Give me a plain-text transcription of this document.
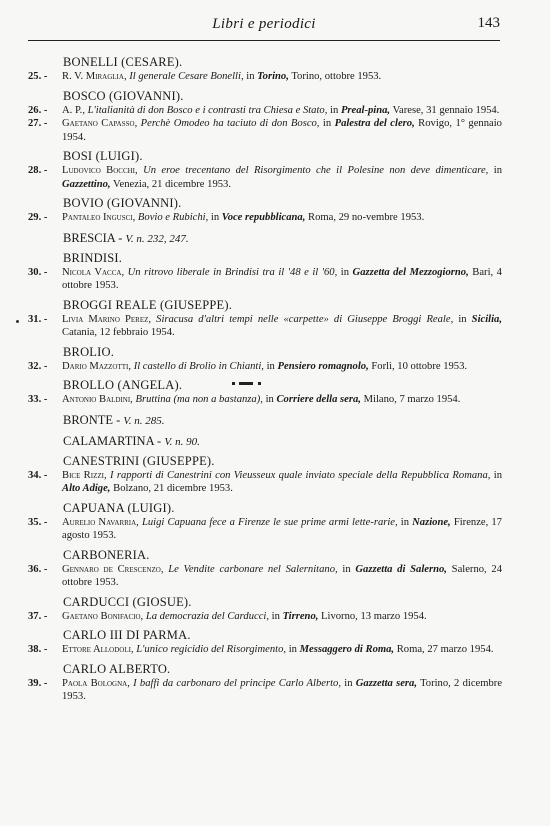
Libri e periodici	143
BONELLI (CESARE).
25. -	R. V. Miraglia, Il generale Cesare Bonelli, in Torino, Torino, ottobre 1953.
BOSCO (GIOVANNI).
26. -	A. P., L'italianità di don Bosco e i contrasti tra Chiesa e Stato, in Preal-pina, Varese, 31 gennaio 1954.
27. -	Gaetano Capasso, Perchè Omodeo ha taciuto di don Bosco, in Palestra del clero, Rovigo, 1° gennaio 1954.
BOSI (LUIGI).
28. -	Ludovico Bocchi, Un eroe trecentano del Risorgimento che il Polesine non deve dimenticare, in Gazzettino, Venezia, 21 dicembre 1953.
BOVIO (GIOVANNI).
29. -	Pantaleo Ingusci, Bovio e Rubichi, in Voce repubblicana, Roma, 29 no-vembre 1953.
BRESCIA - V. n. 232, 247.
BRINDISI.
30. -	Nicola Vacca, Un ritrovo liberale in Brindisi tra il '48 e il '60, in Gazzetta del Mezzogiorno, Bari, 4 ottobre 1953.
BROGGI REALE (GIUSEPPE).
31. -	Livia Marino Perez, Siracusa d'altri tempi nelle «carpette» di Giuseppe Broggi Reale, in Sicilia, Catania, 12 febbraio 1954.
BROLIO.
32. -	Dario Mazzotti, Il castello di Brolio in Chianti, in Pensiero romagnolo, Forlì, 10 ottobre 1953.
BROLLO (ANGELA).
33. -	Antonio Baldini, Bruttina (ma non a bastanza), in Corriere della sera, Milano, 7 marzo 1954.
BRONTE - V. n. 285.
CALAMARTINA - V. n. 90.
CANESTRINI (GIUSEPPE).
34. -	Bice Rizzi, I rapporti di Canestrini con Vieusseux quale inviato speciale della Repubblica Romana, in Alto Adige, Bolzano, 21 dicembre 1953.
CAPUANA (LUIGI).
35. -	Aurelio Navarria, Luigi Capuana fece a Firenze le sue prime armi lette-rarie, in Nazione, Firenze, 17 agosto 1953.
CARBONERIA.
36. -	Gennaro de Crescenzo, Le Vendite carbonare nel Salernitano, in Gazzetta di Salerno, Salerno, 24 ottobre 1953.
CARDUCCI (GIOSUE).
37. -	Gaetano Bonifacio, La democrazia del Carducci, in Tirreno, Livorno, 13 marzo 1954.
CARLO III DI PARMA.
38. -	Ettore Allodoli, L'unico regicidio del Risorgimento, in Messaggero di Roma, Roma, 27 marzo 1954.
CARLO ALBERTO.
39. -	Paola Bologna, I baffi da carbonaro del principe Carlo Alberto, in Gazzetta sera, Torino, 2 dicembre 1953.
